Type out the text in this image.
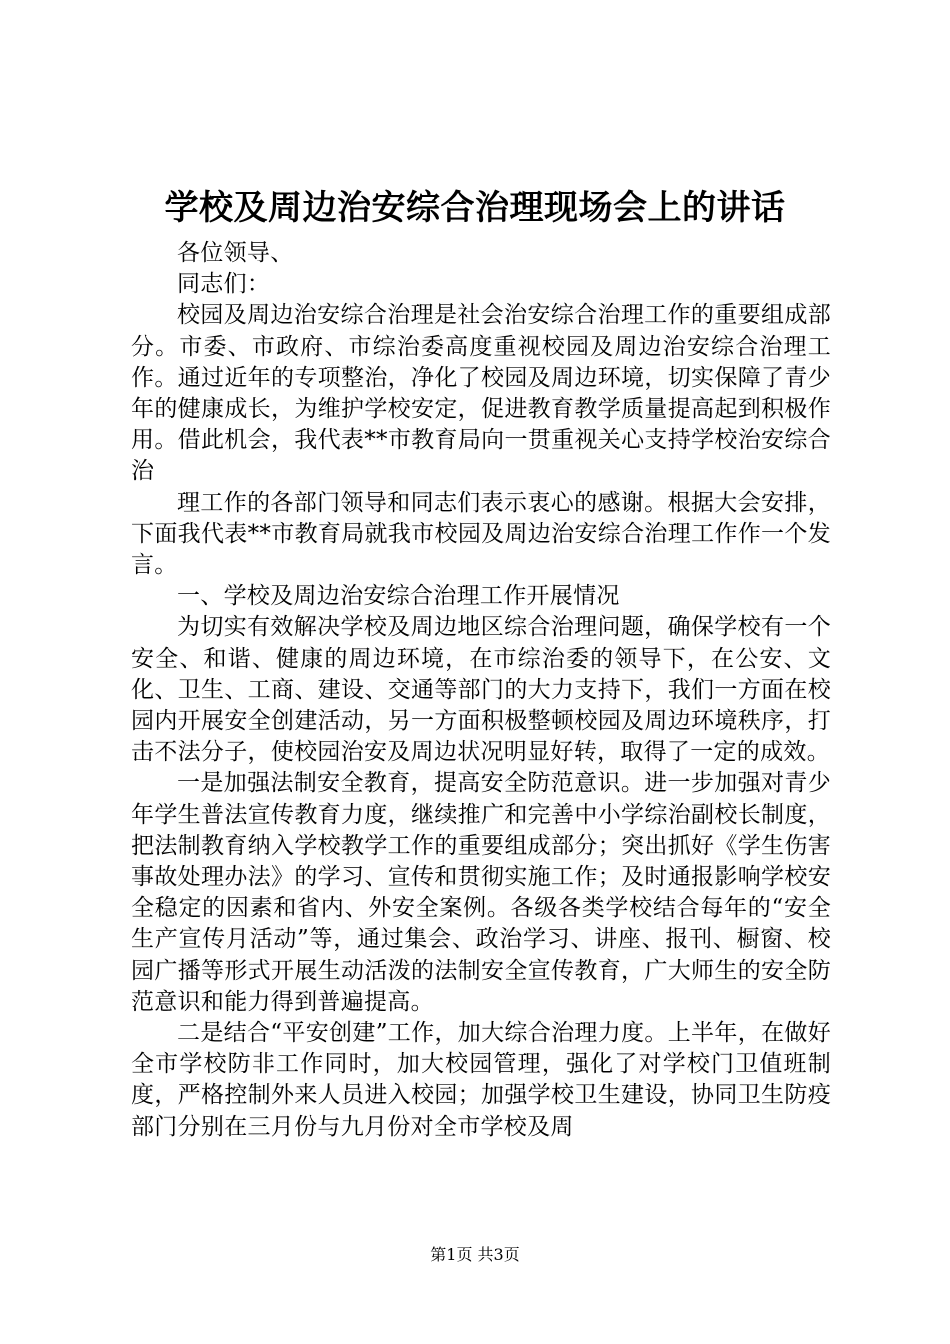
学校及周边治安综合治理现场会上的讲话

各位领导、

同志们：

校园及周边治安综合治理是社会治安综合治理工作的重要组成部分。市委、市政府、市综治委高度重视校园及周边治安综合治理工作。通过近年的专项整治，净化了校园及周边环境，切实保障了青少年的健康成长，为维护学校安定，促进教育教学质量提高起到积极作用。借此机会，我代表**市教育局向一贯重视关心支持学校治安综合治

理工作的各部门领导和同志们表示衷心的感谢。根据大会安排，下面我代表**市教育局就我市校园及周边治安综合治理工作作一个发言。

一、学校及周边治安综合治理工作开展情况

为切实有效解决学校及周边地区综合治理问题，确保学校有一个安全、和谐、健康的周边环境，在市综治委的领导下，在公安、文化、卫生、工商、建设、交通等部门的大力支持下，我们一方面在校园内开展安全创建活动，另一方面积极整顿校园及周边环境秩序，打击不法分子，使校园治安及周边状况明显好转，取得了一定的成效。

一是加强法制安全教育，提高安全防范意识。进一步加强对青少年学生普法宣传教育力度，继续推广和完善中小学综治副校长制度，把法制教育纳入学校教学工作的重要组成部分；突出抓好《学生伤害事故处理办法》的学习、宣传和贯彻实施工作；及时通报影响学校安全稳定的因素和省内、外安全案例。各级各类学校结合每年的“安全生产宣传月活动”等，通过集会、政治学习、讲座、报刊、橱窗、校园广播等形式开展生动活泼的法制安全宣传教育，广大师生的安全防范意识和能力得到普遍提高。

二是结合“平安创建”工作，加大综合治理力度。上半年，在做好全市学校防非工作同时，加大校园管理，强化了对学校门卫值班制度，严格控制外来人员进入校园；加强学校卫生建设，协同卫生防疫部门分别在三月份与九月份对全市学校及周

第1页 共3页
